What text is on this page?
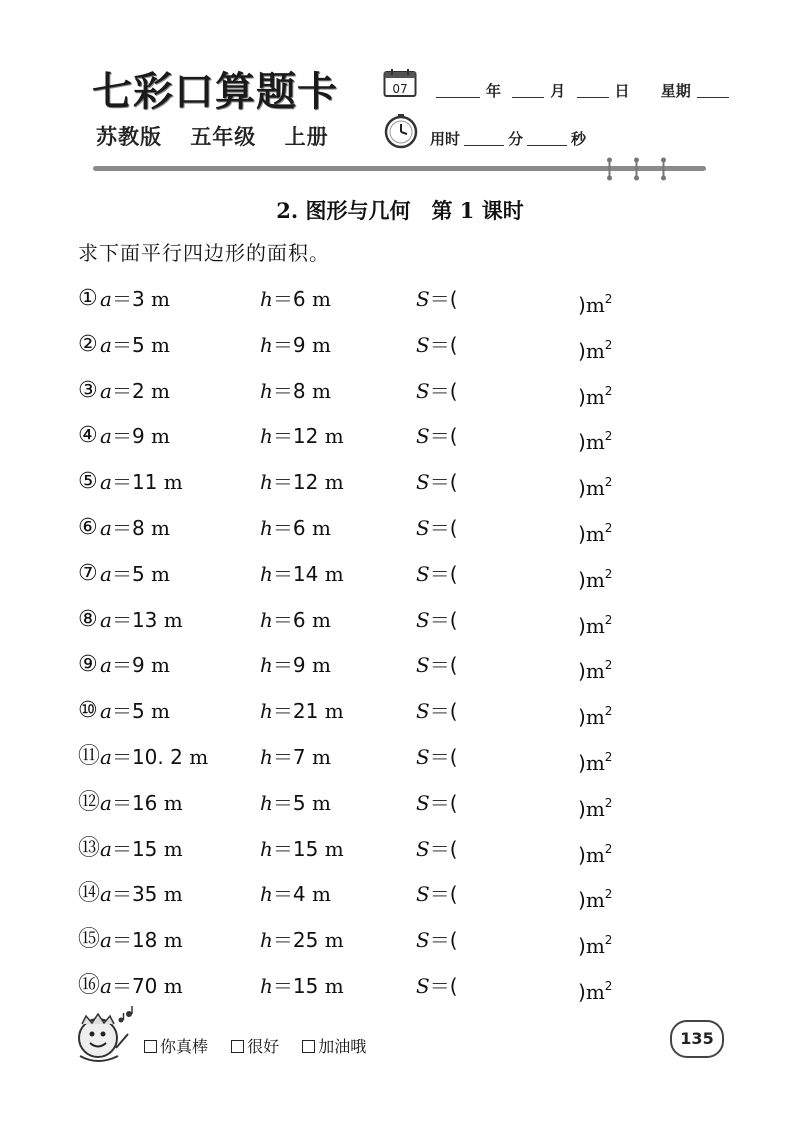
七彩口算题卡
苏教版 五年级 上册
07	年	月	日 星期
用时	分	秒
2. 图形与几何　第 1 课时
求下面平行四边形的面积。
① a＝3 m	h＝6 m	S＝(	)$m^2$
② a＝5 m	h＝9 m	S＝(	)$m^2$
③ a＝2 m	h＝8 m	S＝(	)$m^2$
④ a＝9 m	h＝12 m	S＝(	)$m^2$
⑤ a＝11 m	h＝12 m	S＝(	)$m^2$
⑥ a＝8 m	h＝6 m	S＝(	)$m^2$
⑦ a＝5 m	h＝14 m	S＝(	)$m^2$
⑧ a＝13 m	h＝6 m	S＝(	)$m^2$
⑨ a＝9 m	h＝9 m	S＝(	)$m^2$
⑩ a＝5 m	h＝21 m	S＝(	)$m^2$
⑪ a＝10. 2 m	h＝7 m	S＝(	)$m^2$
⑫ a＝16 m	h＝5 m	S＝(	)$m^2$
⑬ a＝15 m	h＝15 m	S＝(	)$m^2$
⑭ a＝35 m	h＝4 m	S＝(	)$m^2$
⑮ a＝18 m	h＝25 m	S＝(	)$m^2$
⑯ a＝70 m	h＝15 m	S＝(	)$m^2$
你真棒 很好 加油哦	135
